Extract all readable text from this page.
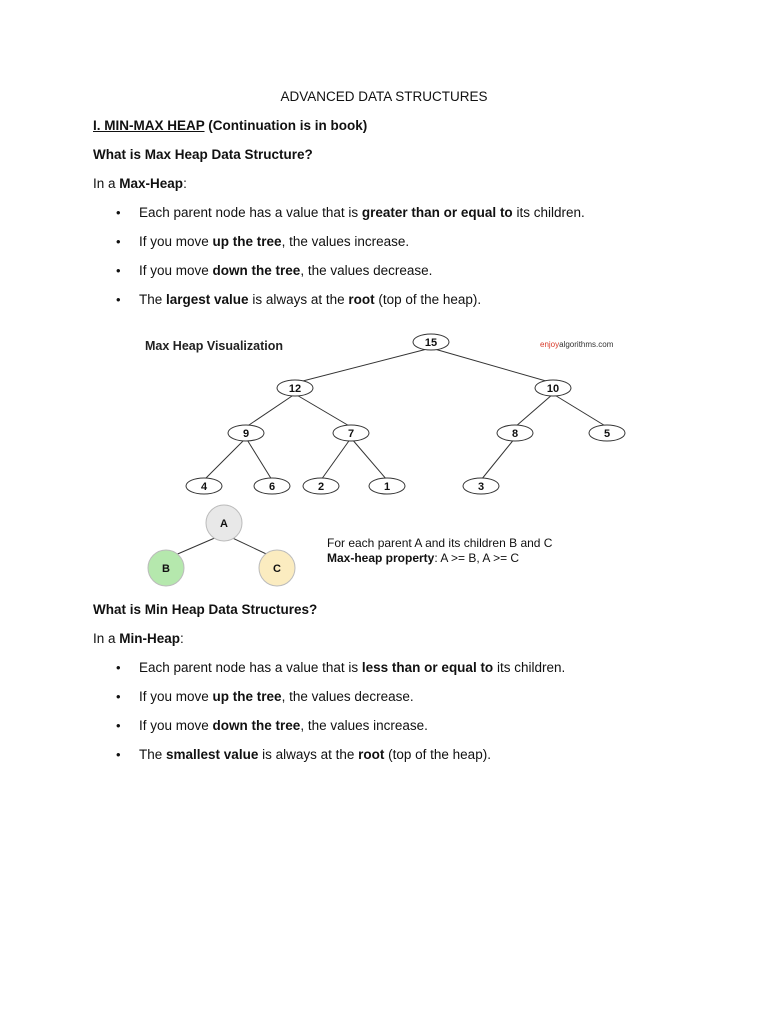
ADVANCED DATA STRUCTURES
I. MIN-MAX HEAP (Continuation is in book)
What is Max Heap Data Structure?
In a Max-Heap:
• Each parent node has a value that is greater than or equal to its children.
• If you move up the tree, the values increase.
• If you move down the tree, the values decrease.
• The largest value is always at the root (top of the heap).
Max Heap Visualization	enjoyalgorithms.com
15
12	10
9	7	8	5
4	6	2	1	3
A
B	C
For each parent A and its children B and C
Max-heap property: A >= B, A >= C
What is Min Heap Data Structures?
In a Min-Heap:
• Each parent node has a value that is less than or equal to its children.
• If you move up the tree, the values decrease.
• If you move down the tree, the values increase.
• The smallest value is always at the root (top of the heap).
